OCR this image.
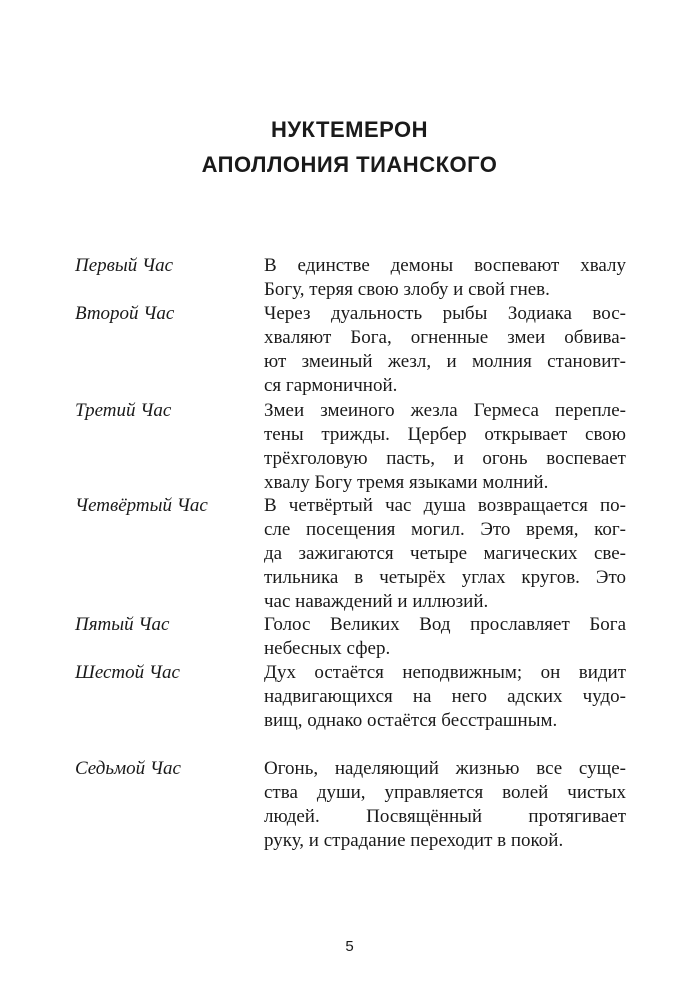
НУКТЕМЕРОН
АПОЛЛОНИЯ ТИАНСКОГО
Первый Час	В единстве демоны воспевают хвалу
Богу, теряя свою злобу и свой гнев.
Второй Час	Через дуальность рыбы Зодиака вос-
хваляют Бога, огненные змеи обвива-
ют змеиный жезл, и молния становит-
ся гармоничной.
Третий Час	Змеи змеиного жезла Гермеса перепле-
тены трижды. Цербер открывает свою
трёхголовую пасть, и огонь воспевает
хвалу Богу тремя языками молний.
Четвёртый Час	В четвёртый час душа возвращается по-
сле посещения могил. Это время, ког-
да зажигаются четыре магических све-
тильника в четырёх углах кругов. Это
час наваждений и иллюзий.
Пятый Час	Голос Великих Вод прославляет Бога
небесных сфер.
Шестой Час	Дух остаётся неподвижным; он видит
надвигающихся на него адских чудо-
вищ, однако остаётся бесстрашным.
Седьмой Час	Огонь, наделяющий жизнью все суще-
ства души, управляется волей чистых
людей. Посвящённый протягивает
руку, и страдание переходит в покой.
5
